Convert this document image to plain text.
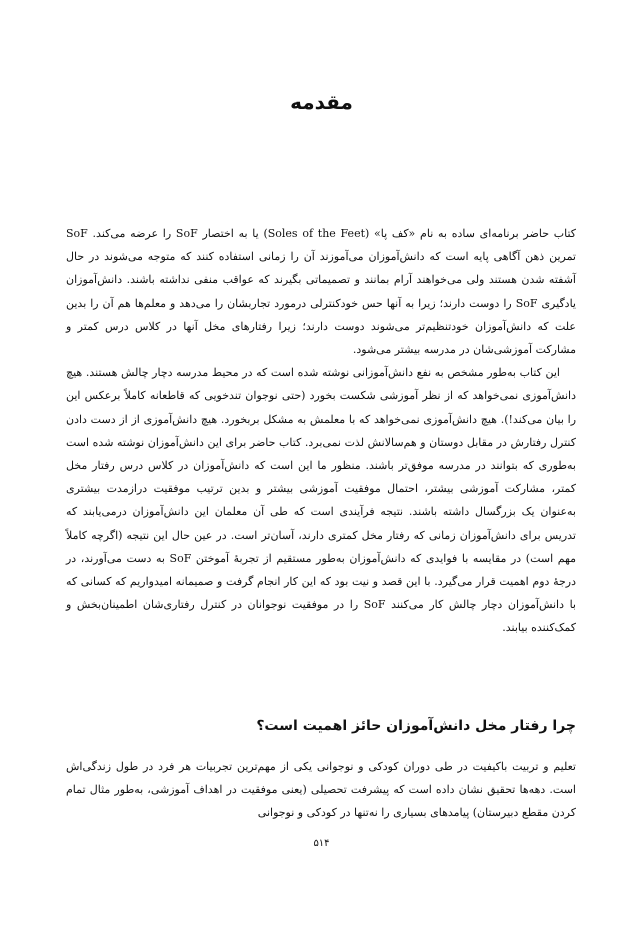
مقدمه

کتاب حاضر برنامه‌ای ساده به نام «کف پا» (Soles of the Feet) یا به اختصار SoF را عرضه می‌کند. SoF تمرین ذهن آگاهی پایه است که دانش‌آموزان می‌آموزند آن را زمانی استفاده کنند که متوجه می‌شوند در حال آشفته شدن هستند ولی می‌خواهند آرام بمانند و تصمیماتی بگیرند که عواقب منفی نداشته باشند. دانش‌آموزان یادگیری SoF را دوست دارند؛ زیرا به آنها حس خودکنترلی درمورد تجاربشان را می‌دهد و معلم‌ها هم آن را بدین علت که دانش‌آموزان خودتنظیم‌تر می‌شوند دوست دارند؛ زیرا رفتارهای مخل آنها در کلاس درس کمتر و مشارکت آموزشی‌شان در مدرسه بیشتر می‌شود.

این کتاب به‌طور مشخص به نفع دانش‌آموزانی نوشته شده است که در محیط مدرسه دچار چالش هستند. هیچ دانش‌آموزی نمی‌خواهد که از نظر آموزشی شکست بخورد (حتی نوجوان تندخویی که قاطعانه کاملاً برعکس این را بیان می‌کند!). هیچ دانش‌آموزی نمی‌خواهد که با معلمش به مشکل بربخورد. هیچ دانش‌آموزی از از دست دادن کنترل رفتارش در مقابل دوستان و هم‌سالانش لذت نمی‌برد. کتاب حاضر برای این دانش‌آموزان نوشته شده است به‌طوری که بتوانند در مدرسه موفق‌تر باشند. منظور ما این است که دانش‌آموزان در کلاس درس رفتار مخل کمتر، مشارکت آموزشی بیشتر، احتمال موفقیت آموزشی بیشتر و بدین ترتیب موفقیت درازمدت بیشتری به‌عنوان یک بزرگسال داشته باشند. نتیجه فرآیندی است که طی آن معلمان این دانش‌آموزان درمی‌یابند که تدریس برای دانش‌آموزان زمانی که رفتار مخل کمتری دارند، آسان‌تر است. در عین حال این نتیجه (اگرچه کاملاً مهم است) در مقایسه با فوایدی که دانش‌آموزان به‌طور مستقیم از تجربهٔ آموختن SoF به دست می‌آورند، در درجهٔ دوم اهمیت قرار می‌گیرد. با این قصد و نیت بود که این کار انجام گرفت و صمیمانه امیدواریم که کسانی که با دانش‌آموزان دچار چالش کار می‌کنند SoF را در موفقیت نوجوانان در کنترل رفتاری‌شان اطمینان‌بخش و کمک‌کننده بیابند.

چرا رفتار مخل دانش‌آموزان حائز اهمیت است؟

تعلیم و تربیت باکیفیت در طی دوران کودکی و نوجوانی یکی از مهم‌ترین تجربیات هر فرد در طول زندگی‌اش است. دهه‌ها تحقیق نشان داده است که پیشرفت تحصیلی (یعنی موفقیت در اهداف آموزشی، به‌طور مثال تمام کردن مقطع دبیرستان) پیامدهای بسیاری را نه‌تنها در کودکی و نوجوانی

۵۱۴
